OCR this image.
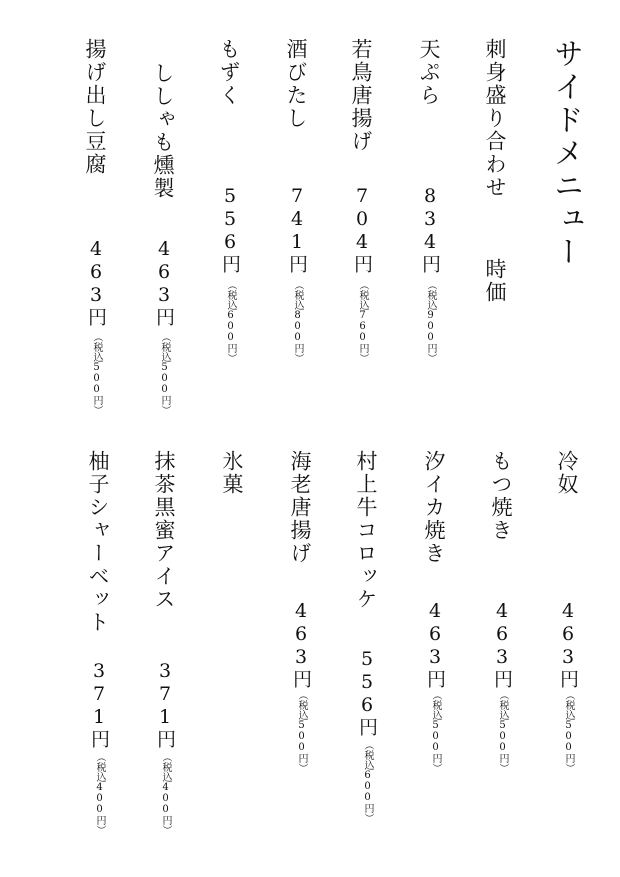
サイドメニュー
刺身盛り合わせ
時価
天ぷら
834円
（税込900円）
若鳥唐揚げ
704円
（税込760円）
酒びたし
741円
（税込800円）
もずく
556円
（税込600円）
ししゃも燻製
463円
（税込500円）
揚げ出し豆腐
463円
（税込500円）
冷奴
463円
（税込500円）
もつ焼き
463円
（税込500円）
汐イカ焼き
463円
（税込500円）
村上牛コロッケ
556円
（税込600円）
海老唐揚げ
463円
（税込500円）
氷菓
抹茶黒蜜アイス
371円
（税込400円）
柚子シャーベット
371円
（税込400円）
